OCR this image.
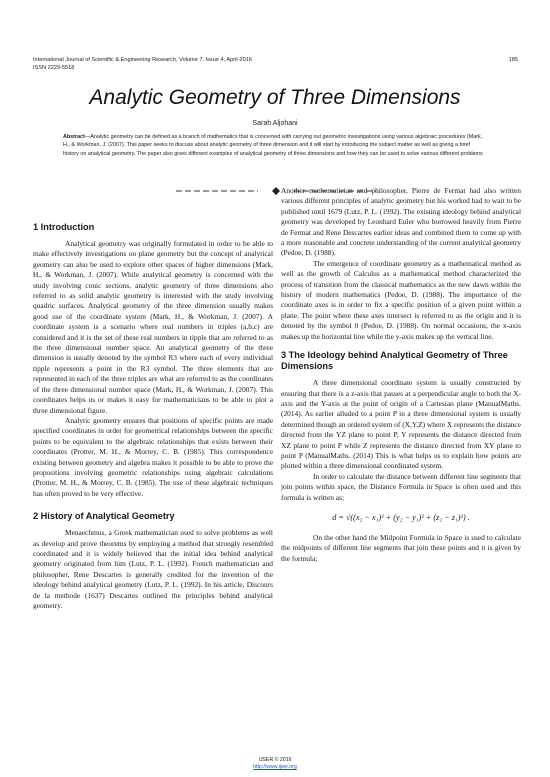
International Journal of Scientific & Engineering Research, Volume 7, Issue 4, April-2016
ISSN 2229-5518
185
Analytic Geometry of Three Dimensions
Sarah Aljohani
Abstract—Analytic geometry can be defined as a branch of mathematics that is concerned with carrying out geometric investigations using various algebraic procedures (Mark, H., & Workman, J. (2007). This paper seeks to discuss about analytic geometry of three dimension and it will start by introducing the subject matter as well as giving a brief history on analytical geometry. The paper also gives different examples of analytical geometry of three dimensions and how they can be used to solve various different problems
1 Introduction

Analytical geometry was originally formulated in order to be able to make effectively investigations on plane geometry but the concept of analytical geometry can also be used to explore other spaces of higher dimensions (Mark, H., & Workman, J. (2007). While analytical geometry is concerned with the study involving conic sections, analytic geometry of three dimensions also referred to as solid analytic geometry is interested with the study involving quadric surfaces. Analytical geometry of the three dimension usually makes good use of the coordinate system (Mark, H., & Workman, J. (2007). A coordinate system is a scenario where real numbers in triples (a,b,c) are considered and it is the set of these real numbers in tipple that are referred to as the three dimensional number space. An analytical geometry of the three dimension is usually denoted by the symbol R3 where each of every individual tipple represents a point in the R3 symbol. The three elements that are represented in each of the three triples are what are referred to as the coordinates of the three dimensional number space (Mark, H., & Workman, J. (2007). This coordinates helps us or makes it easy for mathematicians to be able to plot a three dimensional figure.

Analytic geometry ensures that positions of specific points are made specified coordinates in order for geometrical relationships between the specific points to be equivalent to the algebraic relationships that exists between their coordinates (Protter, M. H., & Morrey, C. B. (1985). This correspondence existing between geometry and algebra makes it possible to be able to prove the propositions involving geometric relationships using algebraic calculations (Protter, M. H., & Morrey, C. B. (1985). The use of these algebraic techniques has often proved to be very effective.

2 History of Analytical Geometry

Menaechmus, a Greek mathematician used to solve problems as well as develop and prove theorems by employing a method that strongly resembled coordinated and it is widely believed that the initial idea behind analytical geometry originated from him (Lutz, P. L. (1992). French mathematician and philosopher, Rene Descartes is generally credited for the invention of the ideology behind analytical geometry (Lutz, P. L. (1992). In his article, Discours de la methode (1637) Descartes outlined the principles behind analytical geometry.

Another mathematician and philosopher, Pierre de Fermat had also written various different principles of analytic geometry but his worked had to wait to be published until 1679 (Lutz, P. L. (1992). The existing ideology behind analytical geometry was developed by Leonhard Euler who borrowed heavily from Pierre de Fermat and Rene Descartes earlier ideas and combined them to come up with a more reasonable and concrete understanding of the current analytical geometry (Pedoe, D. (1988).

The emergence of coordinate geometry as a mathematical method as well as the growth of Calculus as a mathematical method characterized the process of transition from the classical mathematics as the new dawn within the history of modern mathematics (Pedoe, D. (1988). The importance of the coordinate axes is in order to fix a specific position of a given point within a plane. The point where these axes intersect is referred to as the origin and it is denoted by the symbol 0 (Pedoe, D. (1988). On normal occasions, the x-axis makes up the horizontal line while the y-axis makes up the vertical line.

3 The Ideology behind Analytical Geometry of Three Dimensions

A three dimensional coordinate system is usually constructed by ensuring that there is a z-axis that passes at a perpendicular angle to both the X-axis and the Y-axis at the point of origin of a Cartesian plane (ManualMaths. (2014). As earlier alluded to a point P in a three dimensional system is usually determined though an ordered system of (X,Y,Z) where X represents the distance directed from the YZ plane to point P, Y represents the distance directed from XZ plane to point P while Z represents the distance directed from XY plane to point P (ManualMaths. (2014) This is what helps us to explain how points are plotted within a three dimensional coordinated system.

In order to calculate the distance between different line segments that join points within space, the Distance Formula in Space is often used and this formula is written as;

d = √((x₂ − x₁)² + (y₂ − y₁)² + (z₂ − z₁)²) .

On the other hand the Midpoint Formula in Space is used to calculate the midpoints of different line segments that join these points and it is given by the formula;

IJSER © 2016
http://www.ijser.org
